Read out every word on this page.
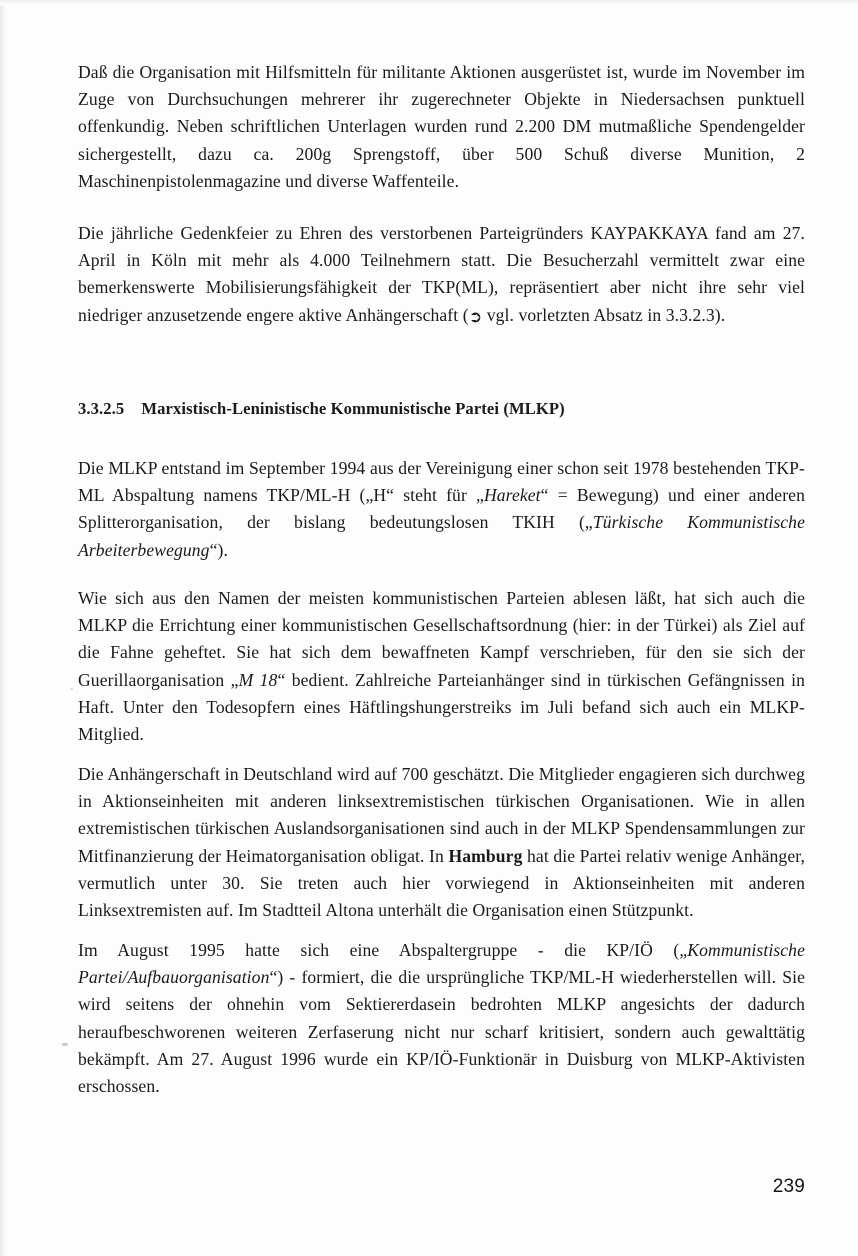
Daß die Organisation mit Hilfsmitteln für militante Aktionen ausgerüstet ist, wurde im November im Zuge von Durchsuchungen mehrerer ihr zugerechneter Objekte in Niedersachsen punktuell offenkundig. Neben schriftlichen Unterlagen wurden rund 2.200 DM mutmaßliche Spendengelder sichergestellt, dazu ca. 200g Sprengstoff, über 500 Schuß diverse Munition, 2 Maschinenpistolenmagazine und diverse Waffenteile.

Die jährliche Gedenkfeier zu Ehren des verstorbenen Parteigründers KAYPAKKAYA fand am 27. April in Köln mit mehr als 4.000 Teilnehmern statt. Die Besucherzahl vermittelt zwar eine bemerkenswerte Mobilisierungsfähigkeit der TKP(ML), repräsentiert aber nicht ihre sehr viel niedriger anzusetzende engere aktive Anhängerschaft (➲ vgl. vorletzten Absatz in 3.3.2.3).

3.3.2.5 Marxistisch-Leninistische Kommunistische Partei (MLKP)

Die MLKP entstand im September 1994 aus der Vereinigung einer schon seit 1978 bestehenden TKP-ML Abspaltung namens TKP/ML-H („H“ steht für „Hareket“ = Bewegung) und einer anderen Splitterorganisation, der bislang bedeutungslosen TKIH („Türkische Kommunistische Arbeiterbewegung“).

Wie sich aus den Namen der meisten kommunistischen Parteien ablesen läßt, hat sich auch die MLKP die Errichtung einer kommunistischen Gesellschaftsordnung (hier: in der Türkei) als Ziel auf die Fahne geheftet. Sie hat sich dem bewaffneten Kampf verschrieben, für den sie sich der Guerillaorganisation „M 18“ bedient. Zahlreiche Parteianhänger sind in türkischen Gefängnissen in Haft. Unter den Todesopfern eines Häftlingshungerstreiks im Juli befand sich auch ein MLKP-Mitglied.

Die Anhängerschaft in Deutschland wird auf 700 geschätzt. Die Mitglieder engagieren sich durchweg in Aktionseinheiten mit anderen linksextremistischen türkischen Organisationen. Wie in allen extremistischen türkischen Auslandsorganisationen sind auch in der MLKP Spendensammlungen zur Mitfinanzierung der Heimatorganisation obligat. In Hamburg hat die Partei relativ wenige Anhänger, vermutlich unter 30. Sie treten auch hier vorwiegend in Aktionseinheiten mit anderen Linksextremisten auf. Im Stadtteil Altona unterhält die Organisation einen Stützpunkt.

Im August 1995 hatte sich eine Abspaltergruppe - die KP/IÖ („Kommunistische Partei/Aufbauorganisation“) - formiert, die die ursprüngliche TKP/ML-H wiederherstellen will. Sie wird seitens der ohnehin vom Sektiererdasein bedrohten MLKP angesichts der dadurch heraufbeschworenen weiteren Zerfaserung nicht nur scharf kritisiert, sondern auch gewalttätig bekämpft. Am 27. August 1996 wurde ein KP/IÖ-Funktionär in Duisburg von MLKP-Aktivisten erschossen.

239
